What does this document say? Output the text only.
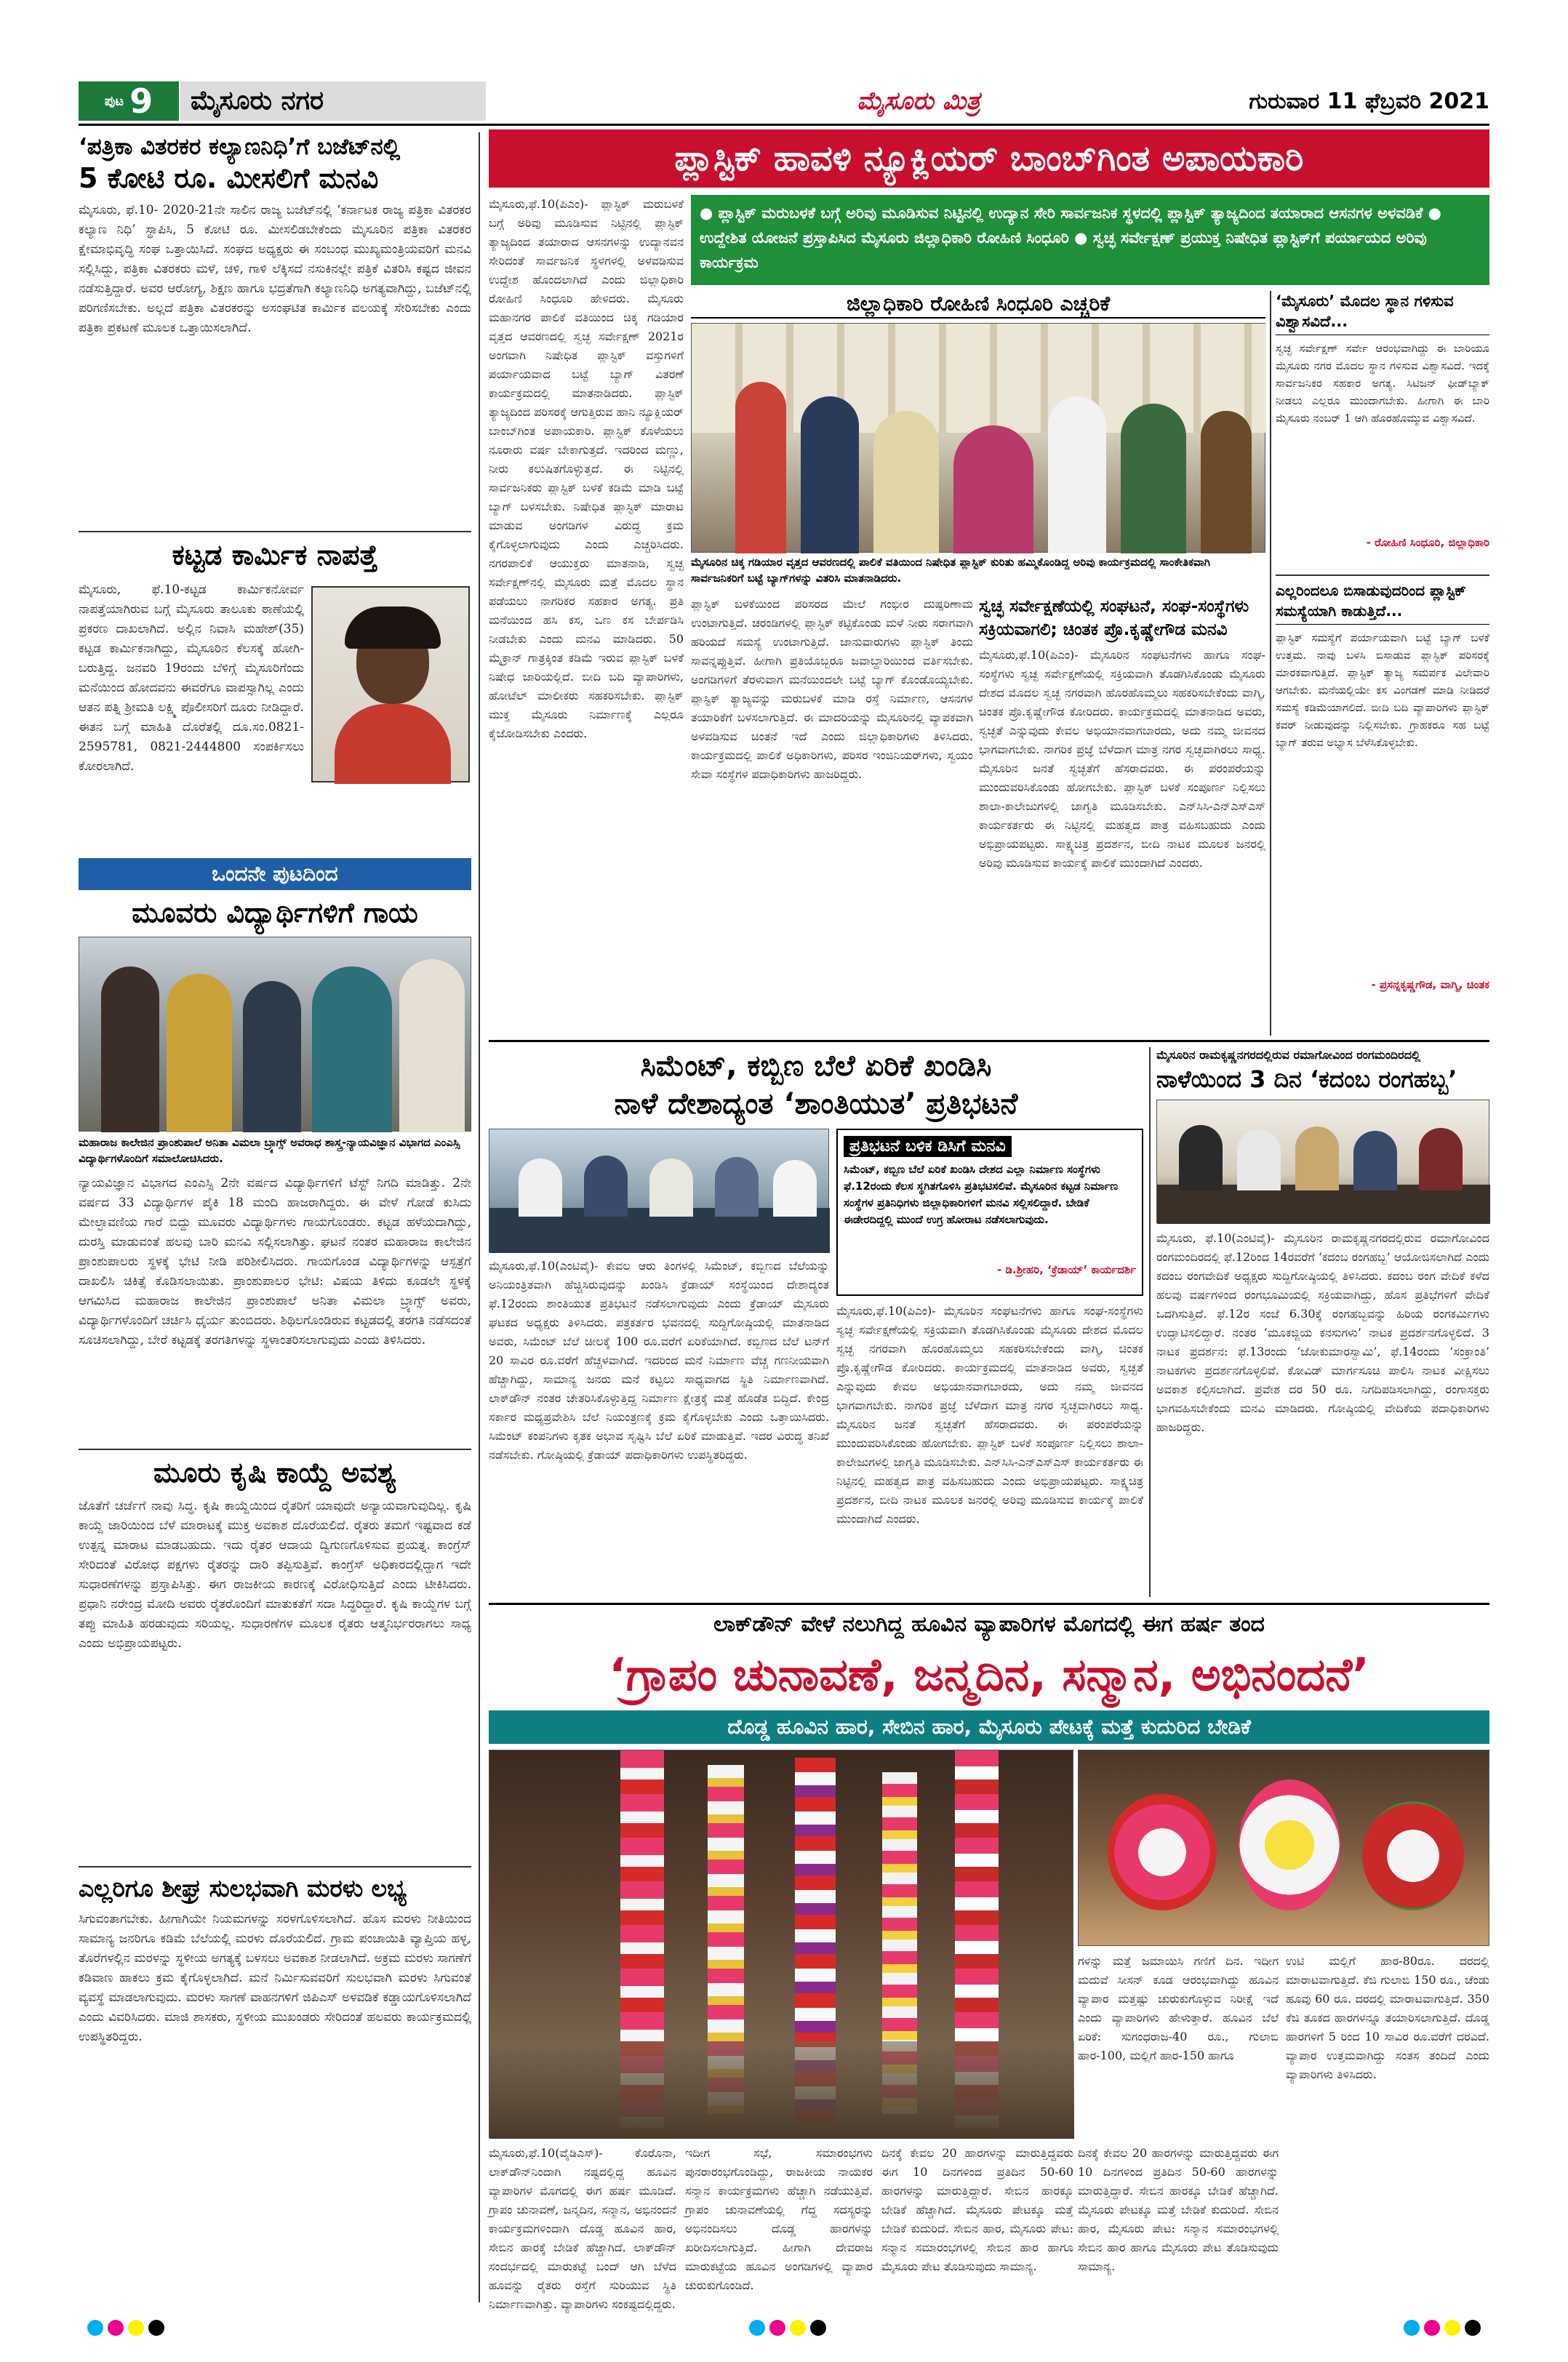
ಪುಟ 9 ಮೈಸೂರು ನಗರ	ಮೈಸೂರು ಮಿತ್ರ	ಗುರುವಾರ 11 ಫೆಬ್ರವರಿ 2021
‘ಪತ್ರಿಕಾ ವಿತರಕರ ಕಲ್ಯಾಣನಿಧಿ’ಗೆ ಬಜೆಟ್‌ನಲ್ಲಿ
5 ಕೋಟಿ ರೂ. ಮೀಸಲಿಗೆ ಮನವಿ
ಮೈಸೂರು, ಫೆ.10- 2020-21ನೇ ಸಾಲಿನ ರಾಜ್ಯ ಬಜೆಟ್‌ನಲ್ಲಿ ‘ಕರ್ನಾಟಕ ರಾಜ್ಯ ಪತ್ರಿಕಾ ವಿತರಕರ ಕಲ್ಯಾಣ ನಿಧಿ’ ಸ್ಥಾಪಿಸಿ, 5 ಕೋಟಿ ರೂ. ಮೀಸಲಿಡಬೇಕೆಂದು ಮೈಸೂರಿನ ಪತ್ರಿಕಾ ವಿತರಕರ ಕ್ಷೇಮಾಭಿವೃದ್ಧಿ ಸಂಘ ಒತ್ತಾಯಿಸಿದೆ. ಸಂಘದ ಅಧ್ಯಕ್ಷರು ಈ ಸಂಬಂಧ ಮುಖ್ಯಮಂತ್ರಿಯವರಿಗೆ ಮನವಿ ಸಲ್ಲಿಸಿದ್ದು, ಪತ್ರಿಕಾ ವಿತರಕರು ಮಳೆ, ಚಳಿ, ಗಾಳಿ ಲೆಕ್ಕಿಸದೆ ನಸುಕಿನಲ್ಲೇ ಪತ್ರಿಕೆ ವಿತರಿಸಿ ಕಷ್ಟದ ಜೀವನ ನಡೆಸುತ್ತಿದ್ದಾರೆ. ಅವರ ಆರೋಗ್ಯ, ಶಿಕ್ಷಣ ಹಾಗೂ ಭದ್ರತೆಗಾಗಿ ಕಲ್ಯಾಣನಿಧಿ ಅಗತ್ಯವಾಗಿದ್ದು, ಬಜೆಟ್‌ನಲ್ಲಿ ಪರಿಗಣಿಸಬೇಕು. ಅಲ್ಲದೆ ಪತ್ರಿಕಾ ವಿತರಕರನ್ನು ಅಸಂಘಟಿತ ಕಾರ್ಮಿಕ ವಲಯಕ್ಕೆ ಸೇರಿಸಬೇಕು ಎಂದು ಪತ್ರಿಕಾ ಪ್ರಕಟಣೆ ಮೂಲಕ ಒತ್ತಾಯಿಸಲಾಗಿದೆ.
ಕಟ್ಟಡ ಕಾರ್ಮಿಕ ನಾಪತ್ತೆ
ಮೈಸೂರು, ಫೆ.10-ಕಟ್ಟಡ ಕಾರ್ಮಿಕನೋರ್ವ ನಾಪತ್ತೆಯಾಗಿರುವ ಬಗ್ಗೆ ಮೈಸೂರು ತಾಲೂಕು ಠಾಣೆಯಲ್ಲಿ ಪ್ರಕರಣ ದಾಖಲಾಗಿದೆ. ಅಲ್ಲಿನ ನಿವಾಸಿ ಮಹೇಶ್(35) ಕಟ್ಟಡ ಕಾರ್ಮಿಕನಾಗಿದ್ದು, ಮೈಸೂರಿನ ಕೆಲಸಕ್ಕೆ ಹೋಗಿ-ಬರುತ್ತಿದ್ದ. ಜನವರಿ 19ರಂದು ಬೆಳಿಗ್ಗೆ ಮೈಸೂರಿಗೆಂದು ಮನೆಯಿಂದ ಹೋದವನು ಈವರೆಗೂ ವಾಪಸ್ಸಾಗಿಲ್ಲ ಎಂದು ಆತನ ಪತ್ನಿ ಶ್ರೀಮತಿ ಲಕ್ಷ್ಮಿ ಪೊಲೀಸರಿಗೆ ದೂರು ನೀಡಿದ್ದಾರೆ. ಈತನ ಬಗ್ಗೆ ಮಾಹಿತಿ ದೊರೆತಲ್ಲಿ ದೂ.ಸಂ.0821-2595781, 0821-2444800 ಸಂಪರ್ಕಿಸಲು ಕೋರಲಾಗಿದೆ.
ಒಂದನೇ ಪುಟದಿಂದ
ಮೂವರು ವಿದ್ಯಾರ್ಥಿಗಳಿಗೆ ಗಾಯ
ಮಹಾರಾಜ ಕಾಲೇಜಿನ ಪ್ರಾಂಶುಪಾಲೆ ಅನಿತಾ ವಿಮಲಾ ಬ್ರ್ಯಾಗ್ಸ್ ಅವರಾಧ ಶಾಸ್ತ್ರ-ನ್ಯಾಯವಿಜ್ಞಾನ ವಿಭಾಗದ ಎಂಎಸ್ಸಿ ವಿದ್ಯಾರ್ಥಿಗಳೊಂದಿಗೆ ಸಮಾಲೋಚಿಸಿದರು.
ನ್ಯಾಯವಿಜ್ಞಾನ ವಿಭಾಗದ ಎಂಎಸ್ಸಿ 2ನೇ ವರ್ಷದ ವಿದ್ಯಾರ್ಥಿಗಳಿಗೆ ಟೆಸ್ಟ್ ನಿಗದಿ ಮಾಡಿತ್ತು. 2ನೇ ವರ್ಷದ 33 ವಿದ್ಯಾರ್ಥಿಗಳ ಪೈಕಿ 18 ಮಂದಿ ಹಾಜರಾಗಿದ್ದರು. ಈ ವೇಳೆ ಗೋಡೆ ಕುಸಿದು ಮೇಲ್ಛಾವಣಿಯ ಗಾರೆ ಬಿದ್ದು ಮೂವರು ವಿದ್ಯಾರ್ಥಿಗಳು ಗಾಯಗೊಂಡರು. ಕಟ್ಟಡ ಹಳೆಯದಾಗಿದ್ದು, ದುರಸ್ತಿ ಮಾಡುವಂತೆ ಹಲವು ಬಾರಿ ಮನವಿ ಸಲ್ಲಿಸಲಾಗಿತ್ತು. ಘಟನೆ ನಂತರ ಮಹಾರಾಜ ಕಾಲೇಜಿನ ಪ್ರಾಂಶುಪಾಲರು ಸ್ಥಳಕ್ಕೆ ಭೇಟಿ ನೀಡಿ ಪರಿಶೀಲಿಸಿದರು. ಗಾಯಗೊಂಡ ವಿದ್ಯಾರ್ಥಿಗಳನ್ನು ಆಸ್ಪತ್ರೆಗೆ ದಾಖಲಿಸಿ ಚಿಕಿತ್ಸೆ ಕೊಡಿಸಲಾಯಿತು. ಪ್ರಾಂಶುಪಾಲರ ಭೇಟಿ: ವಿಷಯ ತಿಳಿದು ಕೂಡಲೇ ಸ್ಥಳಕ್ಕೆ ಆಗಮಿಸಿದ ಮಹಾರಾಜ ಕಾಲೇಜಿನ ಪ್ರಾಂಶುಪಾಲೆ ಅನಿತಾ ವಿಮಲಾ ಬ್ರ್ಯಾಗ್ಸ್ ಅವರು, ವಿದ್ಯಾರ್ಥಿಗಳೊಂದಿಗೆ ಚರ್ಚಿಸಿ ಧೈರ್ಯ ತುಂಬಿದರು. ಶಿಥಿಲಗೊಂಡಿರುವ ಕಟ್ಟಡದಲ್ಲಿ ತರಗತಿ ನಡೆಸದಂತೆ ಸೂಚಿಸಲಾಗಿದ್ದು, ಬೇರೆ ಕಟ್ಟಡಕ್ಕೆ ತರಗತಿಗಳನ್ನು ಸ್ಥಳಾಂತರಿಸಲಾಗುವುದು ಎಂದು ತಿಳಿಸಿದರು.
ಮೂರು ಕೃಷಿ ಕಾಯ್ದೆ ಅವಶ್ಯ
ಜೊತೆಗೆ ಚರ್ಚೆಗೆ ನಾವು ಸಿದ್ಧ. ಕೃಷಿ ಕಾಯ್ದೆಯಿಂದ ರೈತರಿಗೆ ಯಾವುದೇ ಅನ್ಯಾಯವಾಗುವುದಿಲ್ಲ. ಕೃಷಿ ಕಾಯ್ದೆ ಜಾರಿಯಿಂದ ಬೆಳೆ ಮಾರಾಟಕ್ಕೆ ಮುಕ್ತ ಅವಕಾಶ ದೊರೆಯಲಿದೆ. ರೈತರು ತಮಗೆ ಇಷ್ಟವಾದ ಕಡೆ ಉತ್ಪನ್ನ ಮಾರಾಟ ಮಾಡಬಹುದು. ಇದು ರೈತರ ಆದಾಯ ದ್ವಿಗುಣಗೊಳಿಸುವ ಪ್ರಯತ್ನ. ಕಾಂಗ್ರೆಸ್ ಸೇರಿದಂತೆ ವಿರೋಧ ಪಕ್ಷಗಳು ರೈತರನ್ನು ದಾರಿ ತಪ್ಪಿಸುತ್ತಿವೆ. ಕಾಂಗ್ರೆಸ್ ಅಧಿಕಾರದಲ್ಲಿದ್ದಾಗ ಇದೇ ಸುಧಾರಣೆಗಳನ್ನು ಪ್ರಸ್ತಾಪಿಸಿತ್ತು. ಈಗ ರಾಜಕೀಯ ಕಾರಣಕ್ಕೆ ವಿರೋಧಿಸುತ್ತಿದೆ ಎಂದು ಟೀಕಿಸಿದರು. ಪ್ರಧಾನಿ ನರೇಂದ್ರ ಮೋದಿ ಅವರು ರೈತರೊಂದಿಗೆ ಮಾತುಕತೆಗೆ ಸದಾ ಸಿದ್ಧರಿದ್ದಾರೆ. ಕೃಷಿ ಕಾಯ್ದೆಗಳ ಬಗ್ಗೆ ತಪ್ಪು ಮಾಹಿತಿ ಹರಡುವುದು ಸರಿಯಲ್ಲ. ಸುಧಾರಣೆಗಳ ಮೂಲಕ ರೈತರು ಆತ್ಮನಿರ್ಭರರಾಗಲು ಸಾಧ್ಯ ಎಂದು ಅಭಿಪ್ರಾಯಪಟ್ಟರು.
ಎಲ್ಲರಿಗೂ ಶೀಘ್ರ ಸುಲಭವಾಗಿ ಮರಳು ಲಭ್ಯ
ಸಿಗುವಂತಾಗಬೇಕು. ಹೀಗಾಗಿಯೇ ನಿಯಮಗಳನ್ನು ಸರಳಗೊಳಿಸಲಾಗಿದೆ. ಹೊಸ ಮರಳು ನೀತಿಯಿಂದ ಸಾಮಾನ್ಯ ಜನರಿಗೂ ಕಡಿಮೆ ಬೆಲೆಯಲ್ಲಿ ಮರಳು ದೊರೆಯಲಿದೆ. ಗ್ರಾಮ ಪಂಚಾಯಿತಿ ವ್ಯಾಪ್ತಿಯ ಹಳ್ಳ, ತೊರೆಗಳಲ್ಲಿನ ಮರಳನ್ನು ಸ್ಥಳೀಯ ಅಗತ್ಯಕ್ಕೆ ಬಳಸಲು ಅವಕಾಶ ನೀಡಲಾಗಿದೆ. ಅಕ್ರಮ ಮರಳು ಸಾಗಣೆಗೆ ಕಡಿವಾಣ ಹಾಕಲು ಕ್ರಮ ಕೈಗೊಳ್ಳಲಾಗಿದೆ. ಮನೆ ನಿರ್ಮಿಸುವವರಿಗೆ ಸುಲಭವಾಗಿ ಮರಳು ಸಿಗುವಂತೆ ವ್ಯವಸ್ಥೆ ಮಾಡಲಾಗುವುದು. ಮರಳು ಸಾಗಣೆ ವಾಹನಗಳಿಗೆ ಜಿಪಿಎಸ್ ಅಳವಡಿಕೆ ಕಡ್ಡಾಯಗೊಳಿಸಲಾಗಿದೆ ಎಂದು ವಿವರಿಸಿದರು. ಮಾಜಿ ಶಾಸಕರು, ಸ್ಥಳೀಯ ಮುಖಂಡರು ಸೇರಿದಂತೆ ಹಲವರು ಕಾರ್ಯಕ್ರಮದಲ್ಲಿ ಉಪಸ್ಥಿತರಿದ್ದರು.
ಪ್ಲಾಸ್ಟಿಕ್ ಹಾವಳಿ ನ್ಯೂಕ್ಲಿಯರ್ ಬಾಂಬ್‌ಗಿಂತ ಅಪಾಯಕಾರಿ
ಮೈಸೂರು,ಫೆ.10(ಪಿಎಂ)- ಪ್ಲಾಸ್ಟಿಕ್ ಮರುಬಳಕೆ ಬಗ್ಗೆ ಅರಿವು ಮೂಡಿಸುವ ನಿಟ್ಟಿನಲ್ಲಿ ಪ್ಲಾಸ್ಟಿಕ್ ತ್ಯಾಜ್ಯದಿಂದ ತಯಾರಾದ ಆಸನಗಳನ್ನು ಉದ್ಯಾನವನ ಸೇರಿದಂತೆ ಸಾರ್ವಜನಿಕ ಸ್ಥಳಗಳಲ್ಲಿ ಅಳವಡಿಸುವ ಉದ್ದೇಶ ಹೊಂದಲಾಗಿದೆ ಎಂದು ಜಿಲ್ಲಾಧಿಕಾರಿ ರೋಹಿಣಿ ಸಿಂಧೂರಿ ಹೇಳಿದರು. ಮೈಸೂರು ಮಹಾನಗರ ಪಾಲಿಕೆ ವತಿಯಿಂದ ಚಿಕ್ಕ ಗಡಿಯಾರ ವೃತ್ತದ ಆವರಣದಲ್ಲಿ ಸ್ವಚ್ಛ ಸರ್ವೇಕ್ಷಣ್ 2021ರ ಅಂಗವಾಗಿ ನಿಷೇಧಿತ ಪ್ಲಾಸ್ಟಿಕ್ ವಸ್ತುಗಳಿಗೆ ಪರ್ಯಾಯವಾದ ಬಟ್ಟೆ ಬ್ಯಾಗ್ ವಿತರಣೆ ಕಾರ್ಯಕ್ರಮದಲ್ಲಿ ಮಾತನಾಡಿದರು. ಪ್ಲಾಸ್ಟಿಕ್ ತ್ಯಾಜ್ಯದಿಂದ ಪರಿಸರಕ್ಕೆ ಆಗುತ್ತಿರುವ ಹಾನಿ ನ್ಯೂಕ್ಲಿಯರ್ ಬಾಂಬ್‌ಗಿಂತ ಅಪಾಯಕಾರಿ. ಪ್ಲಾಸ್ಟಿಕ್ ಕೊಳೆಯಲು ನೂರಾರು ವರ್ಷ ಬೇಕಾಗುತ್ತದೆ. ಇದರಿಂದ ಮಣ್ಣು, ನೀರು ಕಲುಷಿತಗೊಳ್ಳುತ್ತದೆ. ಈ ನಿಟ್ಟಿನಲ್ಲಿ ಸಾರ್ವಜನಿಕರು ಪ್ಲಾಸ್ಟಿಕ್ ಬಳಕೆ ಕಡಿಮೆ ಮಾಡಿ ಬಟ್ಟೆ ಬ್ಯಾಗ್ ಬಳಸಬೇಕು. ನಿಷೇಧಿತ ಪ್ಲಾಸ್ಟಿಕ್ ಮಾರಾಟ ಮಾಡುವ ಅಂಗಡಿಗಳ ವಿರುದ್ಧ ಕ್ರಮ ಕೈಗೊಳ್ಳಲಾಗುವುದು ಎಂದು ಎಚ್ಚರಿಸಿದರು. ನಗರಪಾಲಿಕೆ ಆಯುಕ್ತರು ಮಾತನಾಡಿ, ಸ್ವಚ್ಛ ಸರ್ವೇಕ್ಷಣ್‌ನಲ್ಲಿ ಮೈಸೂರು ಮತ್ತೆ ಮೊದಲ ಸ್ಥಾನ ಪಡೆಯಲು ನಾಗರಿಕರ ಸಹಕಾರ ಅಗತ್ಯ. ಪ್ರತಿ ಮನೆಯಿಂದ ಹಸಿ ಕಸ, ಒಣ ಕಸ ಬೇರ್ಪಡಿಸಿ ನೀಡಬೇಕು ಎಂದು ಮನವಿ ಮಾಡಿದರು. 50 ಮೈಕ್ರಾನ್ ಗಾತ್ರಕ್ಕಿಂತ ಕಡಿಮೆ ಇರುವ ಪ್ಲಾಸ್ಟಿಕ್ ಬಳಕೆ ನಿಷೇಧ ಜಾರಿಯಲ್ಲಿದೆ. ಬೀದಿ ಬದಿ ವ್ಯಾಪಾರಿಗಳು, ಹೋಟೆಲ್ ಮಾಲೀಕರು ಸಹಕರಿಸಬೇಕು. ಪ್ಲಾಸ್ಟಿಕ್ ಮುಕ್ತ ಮೈಸೂರು ನಿರ್ಮಾಣಕ್ಕೆ ಎಲ್ಲರೂ ಕೈಜೋಡಿಸಬೇಕು ಎಂದರು.
● ಪ್ಲಾಸ್ಟಿಕ್ ಮರುಬಳಕೆ ಬಗ್ಗೆ ಅರಿವು ಮೂಡಿಸುವ ನಿಟ್ಟಿನಲ್ಲಿ ಉದ್ಯಾನ ಸೇರಿ ಸಾರ್ವಜನಿಕ ಸ್ಥಳದಲ್ಲಿ ಪ್ಲಾಸ್ಟಿಕ್ ತ್ಯಾಜ್ಯದಿಂದ ತಯಾರಾದ ಆಸನಗಳ ಅಳವಡಿಕೆ ● ಉದ್ದೇಶಿತ ಯೋಜನೆ ಪ್ರಸ್ತಾಪಿಸಿದ ಮೈಸೂರು ಜಿಲ್ಲಾಧಿಕಾರಿ ರೋಹಿಣಿ ಸಿಂಧೂರಿ ● ಸ್ವಚ್ಛ ಸರ್ವೇಕ್ಷಣ್ ಪ್ರಯುಕ್ತ ನಿಷೇಧಿತ ಪ್ಲಾಸ್ಟಿಕ್‌ಗೆ ಪರ್ಯಾಯದ ಅರಿವು ಕಾರ್ಯಕ್ರಮ
ಜಿಲ್ಲಾಧಿಕಾರಿ ರೋಹಿಣಿ ಸಿಂಧೂರಿ ಎಚ್ಚರಿಕೆ
ಮೈಸೂರಿನ ಚಿಕ್ಕ ಗಡಿಯಾರ ವೃತ್ತದ ಆವರಣದಲ್ಲಿ ಪಾಲಿಕೆ ವತಿಯಿಂದ ನಿಷೇಧಿತ ಪ್ಲಾಸ್ಟಿಕ್ ಕುರಿತು ಹಮ್ಮಿಕೊಂಡಿದ್ದ ಅರಿವು ಕಾರ್ಯಕ್ರಮದಲ್ಲಿ ಸಾಂಕೇತಿಕವಾಗಿ ಸಾರ್ವಜನಿಕರಿಗೆ ಬಟ್ಟೆ ಬ್ಯಾಗ್‌ಗಳನ್ನು ವಿತರಿಸಿ ಮಾತನಾಡಿದರು.
ಪ್ಲಾಸ್ಟಿಕ್ ಬಳಕೆಯಿಂದ ಪರಿಸರದ ಮೇಲೆ ಗಂಭೀರ ದುಷ್ಪರಿಣಾಮ ಉಂಟಾಗುತ್ತಿದೆ. ಚರಂಡಿಗಳಲ್ಲಿ ಪ್ಲಾಸ್ಟಿಕ್ ಕಟ್ಟಿಕೊಂಡು ಮಳೆ ನೀರು ಸರಾಗವಾಗಿ ಹರಿಯದೆ ಸಮಸ್ಯೆ ಉಂಟಾಗುತ್ತಿದೆ. ಜಾನುವಾರುಗಳು ಪ್ಲಾಸ್ಟಿಕ್ ತಿಂದು ಸಾವನ್ನಪ್ಪುತ್ತಿವೆ. ಹೀಗಾಗಿ ಪ್ರತಿಯೊಬ್ಬರೂ ಜವಾಬ್ದಾರಿಯಿಂದ ವರ್ತಿಸಬೇಕು. ಅಂಗಡಿಗಳಿಗೆ ತೆರಳುವಾಗ ಮನೆಯಿಂದಲೇ ಬಟ್ಟೆ ಬ್ಯಾಗ್ ಕೊಂಡೊಯ್ಯಬೇಕು. ಪ್ಲಾಸ್ಟಿಕ್ ತ್ಯಾಜ್ಯವನ್ನು ಮರುಬಳಕೆ ಮಾಡಿ ರಸ್ತೆ ನಿರ್ಮಾಣ, ಆಸನಗಳ ತಯಾರಿಕೆಗೆ ಬಳಸಲಾಗುತ್ತಿದೆ. ಈ ಮಾದರಿಯನ್ನು ಮೈಸೂರಿನಲ್ಲಿ ವ್ಯಾಪಕವಾಗಿ ಅಳವಡಿಸುವ ಚಿಂತನೆ ಇದೆ ಎಂದು ಜಿಲ್ಲಾಧಿಕಾರಿಗಳು ತಿಳಿಸಿದರು. ಕಾರ್ಯಕ್ರಮದಲ್ಲಿ ಪಾಲಿಕೆ ಅಧಿಕಾರಿಗಳು, ಪರಿಸರ ಇಂಜಿನಿಯರ್‌ಗಳು, ಸ್ವಯಂ ಸೇವಾ ಸಂಸ್ಥೆಗಳ ಪದಾಧಿಕಾರಿಗಳು ಹಾಜರಿದ್ದರು.
‘ಮೈಸೂರು’ ಮೊದಲ ಸ್ಥಾನ ಗಳಿಸುವ ವಿಶ್ವಾಸವಿದೆ...
ಸ್ವಚ್ಛ ಸರ್ವೇಕ್ಷಣ್ ಸರ್ವೇ ಆರಂಭವಾಗಿದ್ದು ಈ ಬಾರಿಯೂ ಮೈಸೂರು ನಗರ ಮೊದಲ ಸ್ಥಾನ ಗಳಿಸುವ ವಿಶ್ವಾಸವಿದೆ. ಇದಕ್ಕೆ ಸಾರ್ವಜನಿಕರ ಸಹಕಾರ ಅಗತ್ಯ. ಸಿಟಿಜನ್ ಫೀಡ್‌ಬ್ಯಾಕ್ ನೀಡಲು ಎಲ್ಲರೂ ಮುಂದಾಗಬೇಕು. ಹೀಗಾಗಿ ಈ ಬಾರಿ ಮೈಸೂರು ನಂಬರ್ 1 ಆಗಿ ಹೊರಹೊಮ್ಮುವ ವಿಶ್ವಾಸವಿದೆ.
- ರೋಹಿಣಿ ಸಿಂಧೂರಿ, ಜಿಲ್ಲಾಧಿಕಾರಿ
ಎಲ್ಲರಿಂದಲೂ ಬಿಸಾಡುವುದರಿಂದ ಪ್ಲಾಸ್ಟಿಕ್ ಸಮಸ್ಯೆಯಾಗಿ ಕಾಡುತ್ತಿದೆ...
ಪ್ಲಾಸ್ಟಿಕ್ ಸಮಸ್ಯೆಗೆ ಪರ್ಯಾಯವಾಗಿ ಬಟ್ಟೆ ಬ್ಯಾಗ್ ಬಳಕೆ ಉತ್ತಮ. ನಾವು ಬಳಸಿ ಬಿಸಾಡುವ ಪ್ಲಾಸ್ಟಿಕ್ ಪರಿಸರಕ್ಕೆ ಮಾರಕವಾಗುತ್ತಿದೆ. ಪ್ಲಾಸ್ಟಿಕ್ ತ್ಯಾಜ್ಯ ಸಮರ್ಪಕ ವಿಲೇವಾರಿ ಆಗಬೇಕು. ಮನೆಯಲ್ಲಿಯೇ ಕಸ ವಿಂಗಡಣೆ ಮಾಡಿ ನೀಡಿದರೆ ಸಮಸ್ಯೆ ಕಡಿಮೆಯಾಗಲಿದೆ. ಬೀದಿ ಬದಿ ವ್ಯಾಪಾರಿಗಳು ಪ್ಲಾಸ್ಟಿಕ್ ಕವರ್ ನೀಡುವುದನ್ನು ನಿಲ್ಲಿಸಬೇಕು. ಗ್ರಾಹಕರೂ ಸಹ ಬಟ್ಟೆ ಬ್ಯಾಗ್ ತರುವ ಅಭ್ಯಾಸ ಬೆಳೆಸಿಕೊಳ್ಳಬೇಕು.
- ಪ್ರಸನ್ನಕೃಷ್ಣಗೌಡ, ವಾಗ್ಮಿ, ಚಿಂತಕ
ಸ್ವಚ್ಛ ಸರ್ವೇಕ್ಷಣೆಯಲ್ಲಿ ಸಂಘಟನೆ, ಸಂಘ-ಸಂಸ್ಥೆಗಳು ಸಕ್ರಿಯವಾಗಲಿ; ಚಿಂತಕ ಪ್ರೊ.ಕೃಷ್ಣೇಗೌಡ ಮನವಿ
ಮೈಸೂರು,ಫೆ.10(ಪಿಎಂ)- ಮೈಸೂರಿನ ಸಂಘಟನೆಗಳು ಹಾಗೂ ಸಂಘ-ಸಂಸ್ಥೆಗಳು ಸ್ವಚ್ಛ ಸರ್ವೇಕ್ಷಣೆಯಲ್ಲಿ ಸಕ್ರಿಯವಾಗಿ ತೊಡಗಿಸಿಕೊಂಡು ಮೈಸೂರು ದೇಶದ ಮೊದಲ ಸ್ವಚ್ಛ ನಗರವಾಗಿ ಹೊರಹೊಮ್ಮಲು ಸಹಕರಿಸಬೇಕೆಂದು ವಾಗ್ಮಿ, ಚಿಂತಕ ಪ್ರೊ.ಕೃಷ್ಣೇಗೌಡ ಕೋರಿದರು. ಕಾರ್ಯಕ್ರಮದಲ್ಲಿ ಮಾತನಾಡಿದ ಅವರು, ಸ್ವಚ್ಛತೆ ಎನ್ನುವುದು ಕೇವಲ ಅಭಿಯಾನವಾಗಬಾರದು, ಅದು ನಮ್ಮ ಜೀವನದ ಭಾಗವಾಗಬೇಕು. ನಾಗರಿಕ ಪ್ರಜ್ಞೆ ಬೆಳೆದಾಗ ಮಾತ್ರ ನಗರ ಸ್ವಚ್ಛವಾಗಿರಲು ಸಾಧ್ಯ. ಮೈಸೂರಿನ ಜನತೆ ಸ್ವಚ್ಛತೆಗೆ ಹೆಸರಾದವರು. ಈ ಪರಂಪರೆಯನ್ನು ಮುಂದುವರಿಸಿಕೊಂಡು ಹೋಗಬೇಕು. ಪ್ಲಾಸ್ಟಿಕ್ ಬಳಕೆ ಸಂಪೂರ್ಣ ನಿಲ್ಲಿಸಲು ಶಾಲಾ-ಕಾಲೇಜುಗಳಲ್ಲಿ ಜಾಗೃತಿ ಮೂಡಿಸಬೇಕು. ಎನ್‌ಸಿಸಿ-ಎನ್‌ಎಸ್‌ಎಸ್ ಕಾರ್ಯಕರ್ತರು ಈ ನಿಟ್ಟಿನಲ್ಲಿ ಮಹತ್ವದ ಪಾತ್ರ ವಹಿಸಬಹುದು ಎಂದು ಅಭಿಪ್ರಾಯಪಟ್ಟರು. ಸಾಕ್ಷ್ಯಚಿತ್ರ ಪ್ರದರ್ಶನ, ಬೀದಿ ನಾಟಕ ಮೂಲಕ ಜನರಲ್ಲಿ ಅರಿವು ಮೂಡಿಸುವ ಕಾರ್ಯಕ್ಕೆ ಪಾಲಿಕೆ ಮುಂದಾಗಿದೆ ಎಂದರು.
ಸಿಮೆಂಟ್, ಕಬ್ಬಿಣ ಬೆಲೆ ಏರಿಕೆ ಖಂಡಿಸಿ
ನಾಳೆ ದೇಶಾದ್ಯಂತ ‘ಶಾಂತಿಯುತ’ ಪ್ರತಿಭಟನೆ
ಪ್ರತಿಭಟನೆ ಬಳಿಕ ಡಿಸಿಗೆ ಮನವಿ
ಸಿಮೆಂಟ್, ಕಬ್ಬಿಣ ಬೆಲೆ ಏರಿಕೆ ಖಂಡಿಸಿ ದೇಶದ ಎಲ್ಲಾ ನಿರ್ಮಾಣ ಸಂಸ್ಥೆಗಳು ಫೆ.12ರಂದು ಕೆಲಸ ಸ್ಥಗಿತಗೊಳಿಸಿ ಪ್ರತಿಭಟಿಸಲಿವೆ. ಮೈಸೂರಿನ ಕಟ್ಟಡ ನಿರ್ಮಾಣ ಸಂಸ್ಥೆಗಳ ಪ್ರತಿನಿಧಿಗಳು ಜಿಲ್ಲಾಧಿಕಾರಿಗಳಿಗೆ ಮನವಿ ಸಲ್ಲಿಸಲಿದ್ದಾರೆ. ಬೇಡಿಕೆ ಈಡೇರದಿದ್ದಲ್ಲಿ ಮುಂದೆ ಉಗ್ರ ಹೋರಾಟ ನಡೆಸಲಾಗುವುದು.
- ಡಿ.ಶ್ರೀಹರಿ, ‘ಕ್ರೆಡಾಯ್’ ಕಾರ್ಯದರ್ಶಿ
ಮೈಸೂರು,ಫೆ.10(ಎಂಟಿವೈ)- ಕೇವಲ ಆರು ತಿಂಗಳಲ್ಲಿ ಸಿಮೆಂಟ್, ಕಬ್ಬಿಣದ ಬೆಲೆಯನ್ನು ಅನಿಯಂತ್ರಿತವಾಗಿ ಹೆಚ್ಚಿಸಿರುವುದನ್ನು ಖಂಡಿಸಿ ಕ್ರೆಡಾಯ್ ಸಂಸ್ಥೆಯಿಂದ ದೇಶಾದ್ಯಂತ ಫೆ.12ರಂದು ಶಾಂತಿಯುತ ಪ್ರತಿಭಟನೆ ನಡೆಸಲಾಗುವುದು ಎಂದು ಕ್ರೆಡಾಯ್ ಮೈಸೂರು ಘಟಕದ ಅಧ್ಯಕ್ಷರು ತಿಳಿಸಿದರು. ಪತ್ರಕರ್ತರ ಭವನದಲ್ಲಿ ಸುದ್ದಿಗೋಷ್ಠಿಯಲ್ಲಿ ಮಾತನಾಡಿದ ಅವರು, ಸಿಮೆಂಟ್ ಬೆಲೆ ಚೀಲಕ್ಕೆ 100 ರೂ.ವರೆಗೆ ಏರಿಕೆಯಾಗಿದೆ. ಕಬ್ಬಿಣದ ಬೆಲೆ ಟನ್‌ಗೆ 20 ಸಾವಿರ ರೂ.ವರೆಗೆ ಹೆಚ್ಚಳವಾಗಿದೆ. ಇದರಿಂದ ಮನೆ ನಿರ್ಮಾಣ ವೆಚ್ಚ ಗಣನೀಯವಾಗಿ ಹೆಚ್ಚಾಗಿದ್ದು, ಸಾಮಾನ್ಯ ಜನರು ಮನೆ ಕಟ್ಟಲು ಸಾಧ್ಯವಾಗದ ಸ್ಥಿತಿ ನಿರ್ಮಾಣವಾಗಿದೆ. ಲಾಕ್‌ಡೌನ್ ನಂತರ ಚೇತರಿಸಿಕೊಳ್ಳುತ್ತಿದ್ದ ನಿರ್ಮಾಣ ಕ್ಷೇತ್ರಕ್ಕೆ ಮತ್ತೆ ಹೊಡೆತ ಬಿದ್ದಿದೆ. ಕೇಂದ್ರ ಸರ್ಕಾರ ಮಧ್ಯಪ್ರವೇಶಿಸಿ ಬೆಲೆ ನಿಯಂತ್ರಣಕ್ಕೆ ಕ್ರಮ ಕೈಗೊಳ್ಳಬೇಕು ಎಂದು ಒತ್ತಾಯಿಸಿದರು. ಸಿಮೆಂಟ್ ಕಂಪನಿಗಳು ಕೃತಕ ಅಭಾವ ಸೃಷ್ಟಿಸಿ ಬೆಲೆ ಏರಿಕೆ ಮಾಡುತ್ತಿವೆ. ಇದರ ವಿರುದ್ಧ ತನಿಖೆ ನಡೆಸಬೇಕು. ಗೋಷ್ಠಿಯಲ್ಲಿ ಕ್ರೆಡಾಯ್ ಪದಾಧಿಕಾರಿಗಳು ಉಪಸ್ಥಿತರಿದ್ದರು.
ಮೈಸೂರು,ಫೆ.10(ಪಿಎಂ)- ಮೈಸೂರಿನ ಸಂಘಟನೆಗಳು ಹಾಗೂ ಸಂಘ-ಸಂಸ್ಥೆಗಳು ಸ್ವಚ್ಛ ಸರ್ವೇಕ್ಷಣೆಯಲ್ಲಿ ಸಕ್ರಿಯವಾಗಿ ತೊಡಗಿಸಿಕೊಂಡು ಮೈಸೂರು ದೇಶದ ಮೊದಲ ಸ್ವಚ್ಛ ನಗರವಾಗಿ ಹೊರಹೊಮ್ಮಲು ಸಹಕರಿಸಬೇಕೆಂದು ವಾಗ್ಮಿ, ಚಿಂತಕ ಪ್ರೊ.ಕೃಷ್ಣೇಗೌಡ ಕೋರಿದರು. ಕಾರ್ಯಕ್ರಮದಲ್ಲಿ ಮಾತನಾಡಿದ ಅವರು, ಸ್ವಚ್ಛತೆ ಎನ್ನುವುದು ಕೇವಲ ಅಭಿಯಾನವಾಗಬಾರದು, ಅದು ನಮ್ಮ ಜೀವನದ ಭಾಗವಾಗಬೇಕು. ನಾಗರಿಕ ಪ್ರಜ್ಞೆ ಬೆಳೆದಾಗ ಮಾತ್ರ ನಗರ ಸ್ವಚ್ಛವಾಗಿರಲು ಸಾಧ್ಯ. ಮೈಸೂರಿನ ಜನತೆ ಸ್ವಚ್ಛತೆಗೆ ಹೆಸರಾದವರು. ಈ ಪರಂಪರೆಯನ್ನು ಮುಂದುವರಿಸಿಕೊಂಡು ಹೋಗಬೇಕು. ಪ್ಲಾಸ್ಟಿಕ್ ಬಳಕೆ ಸಂಪೂರ್ಣ ನಿಲ್ಲಿಸಲು ಶಾಲಾ-ಕಾಲೇಜುಗಳಲ್ಲಿ ಜಾಗೃತಿ ಮೂಡಿಸಬೇಕು. ಎನ್‌ಸಿಸಿ-ಎನ್‌ಎಸ್‌ಎಸ್ ಕಾರ್ಯಕರ್ತರು ಈ ನಿಟ್ಟಿನಲ್ಲಿ ಮಹತ್ವದ ಪಾತ್ರ ವಹಿಸಬಹುದು ಎಂದು ಅಭಿಪ್ರಾಯಪಟ್ಟರು. ಸಾಕ್ಷ್ಯಚಿತ್ರ ಪ್ರದರ್ಶನ, ಬೀದಿ ನಾಟಕ ಮೂಲಕ ಜನರಲ್ಲಿ ಅರಿವು ಮೂಡಿಸುವ ಕಾರ್ಯಕ್ಕೆ ಪಾಲಿಕೆ ಮುಂದಾಗಿದೆ ಎಂದರು.
ಮೈಸೂರಿನ ರಾಮಕೃಷ್ಣನಗರದಲ್ಲಿರುವ ರಮಾಗೋವಿಂದ ರಂಗಮಂದಿರದಲ್ಲಿ
ನಾಳೆಯಿಂದ 3 ದಿನ ‘ಕದಂಬ ರಂಗಹಬ್ಬ’
ಮೈಸೂರು, ಫೆ.10(ಎಂಟಿವೈ)- ಮೈಸೂರಿನ ರಾಮಕೃಷ್ಣನಗರದಲ್ಲಿರುವ ರಮಾಗೋವಿಂದ ರಂಗಮಂದಿರದಲ್ಲಿ ಫೆ.12ರಿಂದ 14ರವರೆಗೆ ‘ಕದಂಬ ರಂಗಹಬ್ಬ’ ಆಯೋಜಿಸಲಾಗಿದೆ ಎಂದು ಕದಂಬ ರಂಗವೇದಿಕೆ ಅಧ್ಯಕ್ಷರು ಸುದ್ದಿಗೋಷ್ಠಿಯಲ್ಲಿ ತಿಳಿಸಿದರು. ಕದಂಬ ರಂಗ ವೇದಿಕೆ ಕಳೆದ ಹಲವು ವರ್ಷಗಳಿಂದ ರಂಗಭೂಮಿಯಲ್ಲಿ ಸಕ್ರಿಯವಾಗಿದ್ದು, ಹೊಸ ಪ್ರತಿಭೆಗಳಿಗೆ ವೇದಿಕೆ ಒದಗಿಸುತ್ತಿದೆ. ಫೆ.12ರ ಸಂಜೆ 6.30ಕ್ಕೆ ರಂಗಹಬ್ಬವನ್ನು ಹಿರಿಯ ರಂಗಕರ್ಮಿಗಳು ಉದ್ಘಾಟಿಸಲಿದ್ದಾರೆ. ನಂತರ ‘ಮೂಕಜ್ಜಿಯ ಕನಸುಗಳು’ ನಾಟಕ ಪ್ರದರ್ಶನಗೊಳ್ಳಲಿದೆ. 3 ನಾಟಕ ಪ್ರದರ್ಶನ: ಫೆ.13ರಂದು ‘ಜೋಕುಮಾರಸ್ವಾಮಿ’, ಫೆ.14ರಂದು ‘ಸಂಕ್ರಾಂತಿ’ ನಾಟಕಗಳು ಪ್ರದರ್ಶನಗೊಳ್ಳಲಿವೆ. ಕೋವಿಡ್ ಮಾರ್ಗಸೂಚಿ ಪಾಲಿಸಿ ನಾಟಕ ವೀಕ್ಷಿಸಲು ಅವಕಾಶ ಕಲ್ಪಿಸಲಾಗಿದೆ. ಪ್ರವೇಶ ದರ 50 ರೂ. ನಿಗದಿಪಡಿಸಲಾಗಿದ್ದು, ರಂಗಾಸಕ್ತರು ಭಾಗವಹಿಸಬೇಕೆಂದು ಮನವಿ ಮಾಡಿದರು. ಗೋಷ್ಠಿಯಲ್ಲಿ ವೇದಿಕೆಯ ಪದಾಧಿಕಾರಿಗಳು ಹಾಜರಿದ್ದರು.
ಲಾಕ್‌ಡೌನ್ ವೇಳೆ ನಲುಗಿದ್ದ ಹೂವಿನ ವ್ಯಾಪಾರಿಗಳ ಮೊಗದಲ್ಲಿ ಈಗ ಹರ್ಷ ತಂದ
‘ಗ್ರಾಪಂ ಚುನಾವಣೆ, ಜನ್ಮದಿನ, ಸನ್ಮಾನ, ಅಭಿನಂದನೆ’
ದೊಡ್ಡ ಹೂವಿನ ಹಾರ, ಸೇಬಿನ ಹಾರ, ಮೈಸೂರು ಪೇಟಕ್ಕೆ ಮತ್ತೆ ಕುದುರಿದ ಬೇಡಿಕೆ
ಗಳನ್ನು ಮತ್ತೆ ಜಮಾಯಿಸಿ ಗಣಿಗೆ ದಿನ. ಇದೀಗ ಮದುವೆ ಸೀಸನ್ ಕೂಡ ಆರಂಭವಾಗಿದ್ದು ಹೂವಿನ ವ್ಯಾಪಾರ ಮತ್ತಷ್ಟು ಚುರುಕುಗೊಳ್ಳುವ ನಿರೀಕ್ಷೆ ಇದೆ ಎಂದು ವ್ಯಾಪಾರಿಗಳು ಹೇಳುತ್ತಾರೆ. ಹೂವಿನ ಬೆಲೆ ಏರಿಕೆ: ಸುಗಂಧರಾಜ-40 ರೂ., ಗುಲಾಬಿ ಹಾರ-100, ಮಲ್ಲಿಗೆ ಹಾರ-150 ಹಾಗೂ
ಉಟಿ ಮಲ್ಲಿಗೆ ಹಾರ-80ರೂ. ದರದಲ್ಲಿ ಮಾರಾಟವಾಗುತ್ತಿದೆ. ಕೆಜಿ ಗುಲಾಬಿ 150 ರೂ., ಚೆಂಡು ಹೂವು 60 ರೂ. ದರದಲ್ಲಿ ಮಾರಾಟವಾಗುತ್ತಿದೆ. 350 ಕೆಜಿ ತೂಕದ ಹಾರಗಳನ್ನೂ ತಯಾರಿಸಲಾಗುತ್ತಿದೆ. ದೊಡ್ಡ ಹಾರಗಳಿಗೆ 5 ರಿಂದ 10 ಸಾವಿರ ರೂ.ವರೆಗೆ ದರವಿದೆ. ವ್ಯಾಪಾರ ಉತ್ತಮವಾಗಿದ್ದು ಸಂತಸ ತಂದಿದೆ ಎಂದು ವ್ಯಾಪಾರಿಗಳು ತಿಳಿಸಿದರು.
ಮೈಸೂರು,ಫೆ.10(ವೈಡಿಎಸ್)- ಕೊರೊನಾ, ಲಾಕ್‌ಡೌನ್‌ನಿಂದಾಗಿ ನಷ್ಟದಲ್ಲಿದ್ದ ಹೂವಿನ ವ್ಯಾಪಾರಿಗಳ ಮೊಗದಲ್ಲಿ ಈಗ ಹರ್ಷ ಮೂಡಿದೆ. ಗ್ರಾಪಂ ಚುನಾವಣೆ, ಜನ್ಮದಿನ, ಸನ್ಮಾನ, ಅಭಿನಂದನೆ ಕಾರ್ಯಕ್ರಮಗಳಿಂದಾಗಿ ದೊಡ್ಡ ಹೂವಿನ ಹಾರ, ಸೇಬಿನ ಹಾರಕ್ಕೆ ಬೇಡಿಕೆ ಹೆಚ್ಚಾಗಿದೆ. ಲಾಕ್‌ಡೌನ್ ಸಂದರ್ಭದಲ್ಲಿ ಮಾರುಕಟ್ಟೆ ಬಂದ್ ಆಗಿ ಬೆಳೆದ ಹೂವನ್ನು ರೈತರು ರಸ್ತೆಗೆ ಸುರಿಯುವ ಸ್ಥಿತಿ ನಿರ್ಮಾಣವಾಗಿತ್ತು. ವ್ಯಾಪಾರಿಗಳು ಸಂಕಷ್ಟದಲ್ಲಿದ್ದರು.
ಇದೀಗ ಸಭೆ, ಸಮಾರಂಭಗಳು ಪುನರಾರಂಭಗೊಂಡಿದ್ದು, ರಾಜಕೀಯ ನಾಯಕರ ಸನ್ಮಾನ ಕಾರ್ಯಕ್ರಮಗಳು ಹೆಚ್ಚಾಗಿ ನಡೆಯುತ್ತಿವೆ. ಗ್ರಾಪಂ ಚುನಾವಣೆಯಲ್ಲಿ ಗೆದ್ದ ಸದಸ್ಯರನ್ನು ಅಭಿನಂದಿಸಲು ದೊಡ್ಡ ಹಾರಗಳನ್ನು ಖರೀದಿಸಲಾಗುತ್ತಿದೆ. ಹೀಗಾಗಿ ದೇವರಾಜ ಮಾರುಕಟ್ಟೆಯ ಹೂವಿನ ಅಂಗಡಿಗಳಲ್ಲಿ ವ್ಯಾಪಾರ ಚುರುಕುಗೊಂಡಿದೆ.
ದಿನಕ್ಕೆ ಕೇವಲ 20 ಹಾರಗಳನ್ನು ಮಾರುತ್ತಿದ್ದವರು ಈಗ 10 ದಿನಗಳಿಂದ ಪ್ರತಿದಿನ 50-60 ಹಾರಗಳನ್ನು ಮಾರುತ್ತಿದ್ದಾರೆ. ಸೇಬಿನ ಹಾರಕ್ಕೂ ಬೇಡಿಕೆ ಹೆಚ್ಚಾಗಿದೆ. ಮೈಸೂರು ಪೇಟಕ್ಕೂ ಮತ್ತೆ ಬೇಡಿಕೆ ಕುದುರಿದೆ. ಸೇಬಿನ ಹಾರ, ಮೈಸೂರು ಪೇಟ: ಸನ್ಮಾನ ಸಮಾರಂಭಗಳಲ್ಲಿ ಸೇಬಿನ ಹಾರ ಹಾಗೂ ಮೈಸೂರು ಪೇಟ ತೊಡಿಸುವುದು ಸಾಮಾನ್ಯ.
ದಿನಕ್ಕೆ ಕೇವಲ 20 ಹಾರಗಳನ್ನು ಮಾರುತ್ತಿದ್ದವರು ಈಗ 10 ದಿನಗಳಿಂದ ಪ್ರತಿದಿನ 50-60 ಹಾರಗಳನ್ನು ಮಾರುತ್ತಿದ್ದಾರೆ. ಸೇಬಿನ ಹಾರಕ್ಕೂ ಬೇಡಿಕೆ ಹೆಚ್ಚಾಗಿದೆ. ಮೈಸೂರು ಪೇಟಕ್ಕೂ ಮತ್ತೆ ಬೇಡಿಕೆ ಕುದುರಿದೆ. ಸೇಬಿನ ಹಾರ, ಮೈಸೂರು ಪೇಟ: ಸನ್ಮಾನ ಸಮಾರಂಭಗಳಲ್ಲಿ ಸೇಬಿನ ಹಾರ ಹಾಗೂ ಮೈಸೂರು ಪೇಟ ತೊಡಿಸುವುದು ಸಾಮಾನ್ಯ.
